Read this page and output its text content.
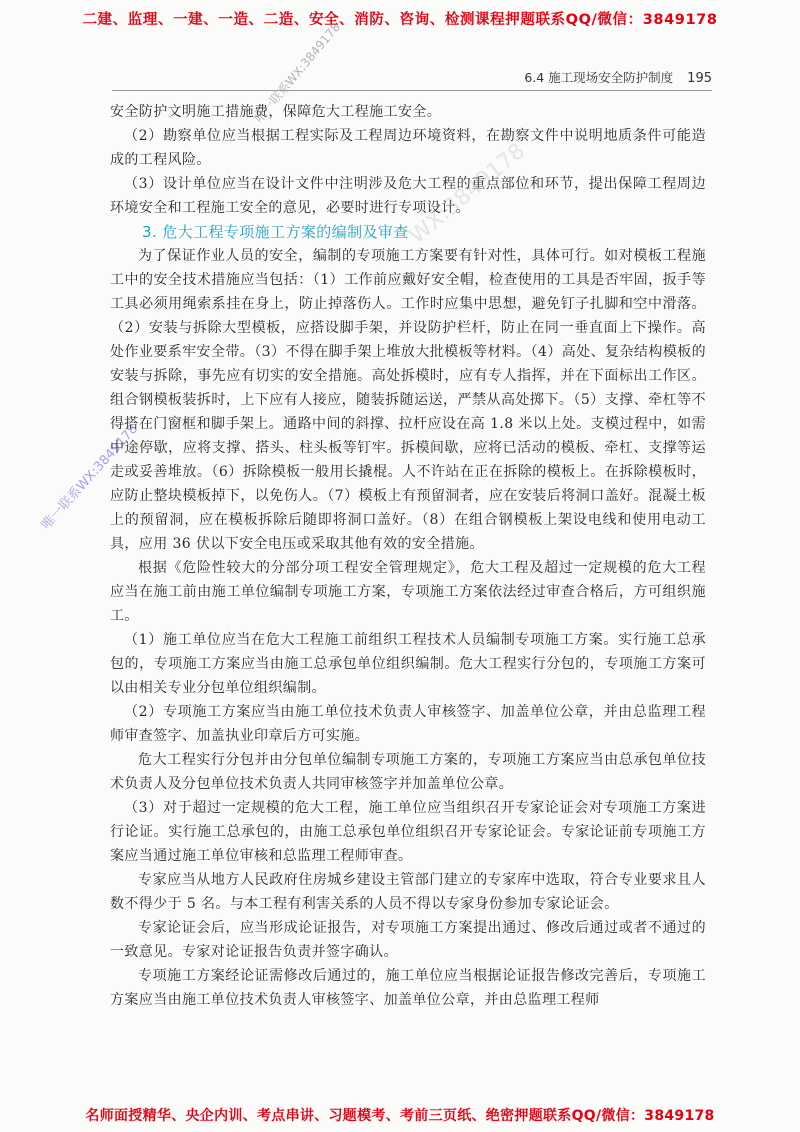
二建、监理、一建、一造、二造、安全、消防、咨询、检测课程押题联系QQ/微信：3849178
6.4 施工现场安全防护制度 195

安全防护文明施工措施费，保障危大工程施工安全。

（2）勘察单位应当根据工程实际及工程周边环境资料，在勘察文件中说明地质条件可能造成的工程风险。

（3）设计单位应当在设计文件中注明涉及危大工程的重点部位和环节，提出保障工程周边环境安全和工程施工安全的意见，必要时进行专项设计。

3. 危大工程专项施工方案的编制及审查

为了保证作业人员的安全，编制的专项施工方案要有针对性，具体可行。如对模板工程施工中的安全技术措施应当包括：（1）工作前应戴好安全帽，检查使用的工具是否牢固，扳手等工具必须用绳索系挂在身上，防止掉落伤人。工作时应集中思想，避免钉子扎脚和空中滑落。（2）安装与拆除大型模板，应搭设脚手架，并设防护栏杆，防止在同一垂直面上下操作。高处作业要系牢安全带。（3）不得在脚手架上堆放大批模板等材料。（4）高处、复杂结构模板的安装与拆除，事先应有切实的安全措施。高处拆模时，应有专人指挥，并在下面标出工作区。组合钢模板装拆时，上下应有人接应，随装拆随运送，严禁从高处掷下。（5）支撑、牵杠等不得搭在门窗框和脚手架上。通路中间的斜撑、拉杆应设在高 1.8 米以上处。支模过程中，如需中途停歇，应将支撑、搭头、柱头板等钉牢。拆模间歇，应将已活动的模板、牵杠、支撑等运走或妥善堆放。（6）拆除模板一般用长撬棍。人不许站在正在拆除的模板上。在拆除模板时，应防止整块模板掉下，以免伤人。（7）模板上有预留洞者，应在安装后将洞口盖好。混凝土板上的预留洞，应在模板拆除后随即将洞口盖好。（8）在组合钢模板上架设电线和使用电动工具，应用 36 伏以下安全电压或采取其他有效的安全措施。

根据《危险性较大的分部分项工程安全管理规定》，危大工程及超过一定规模的危大工程应当在施工前由施工单位编制专项施工方案，专项施工方案依法经过审查合格后，方可组织施工。

（1）施工单位应当在危大工程施工前组织工程技术人员编制专项施工方案。实行施工总承包的，专项施工方案应当由施工总承包单位组织编制。危大工程实行分包的，专项施工方案可以由相关专业分包单位组织编制。

（2）专项施工方案应当由施工单位技术负责人审核签字、加盖单位公章，并由总监理工程师审查签字、加盖执业印章后方可实施。

危大工程实行分包并由分包单位编制专项施工方案的，专项施工方案应当由总承包单位技术负责人及分包单位技术负责人共同审核签字并加盖单位公章。

（3）对于超过一定规模的危大工程，施工单位应当组织召开专家论证会对专项施工方案进行论证。实行施工总承包的，由施工总承包单位组织召开专家论证会。专家论证前专项施工方案应当通过施工单位审核和总监理工程师审查。

专家应当从地方人民政府住房城乡建设主管部门建立的专家库中选取，符合专业要求且人数不得少于 5 名。与本工程有利害关系的人员不得以专家身份参加专家论证会。

专家论证会后，应当形成论证报告，对专项施工方案提出通过、修改后通过或者不通过的一致意见。专家对论证报告负责并签字确认。

专项施工方案经论证需修改后通过的，施工单位应当根据论证报告修改完善后，专项施工方案应当由施工单位技术负责人审核签字、加盖单位公章，并由总监理工程师

唯一联系WX:3849178
唯一联系WX:3849178
WX:3849178
名师面授精华、央企内训、考点串讲、习题模考、考前三页纸、绝密押题联系QQ/微信：3849178
